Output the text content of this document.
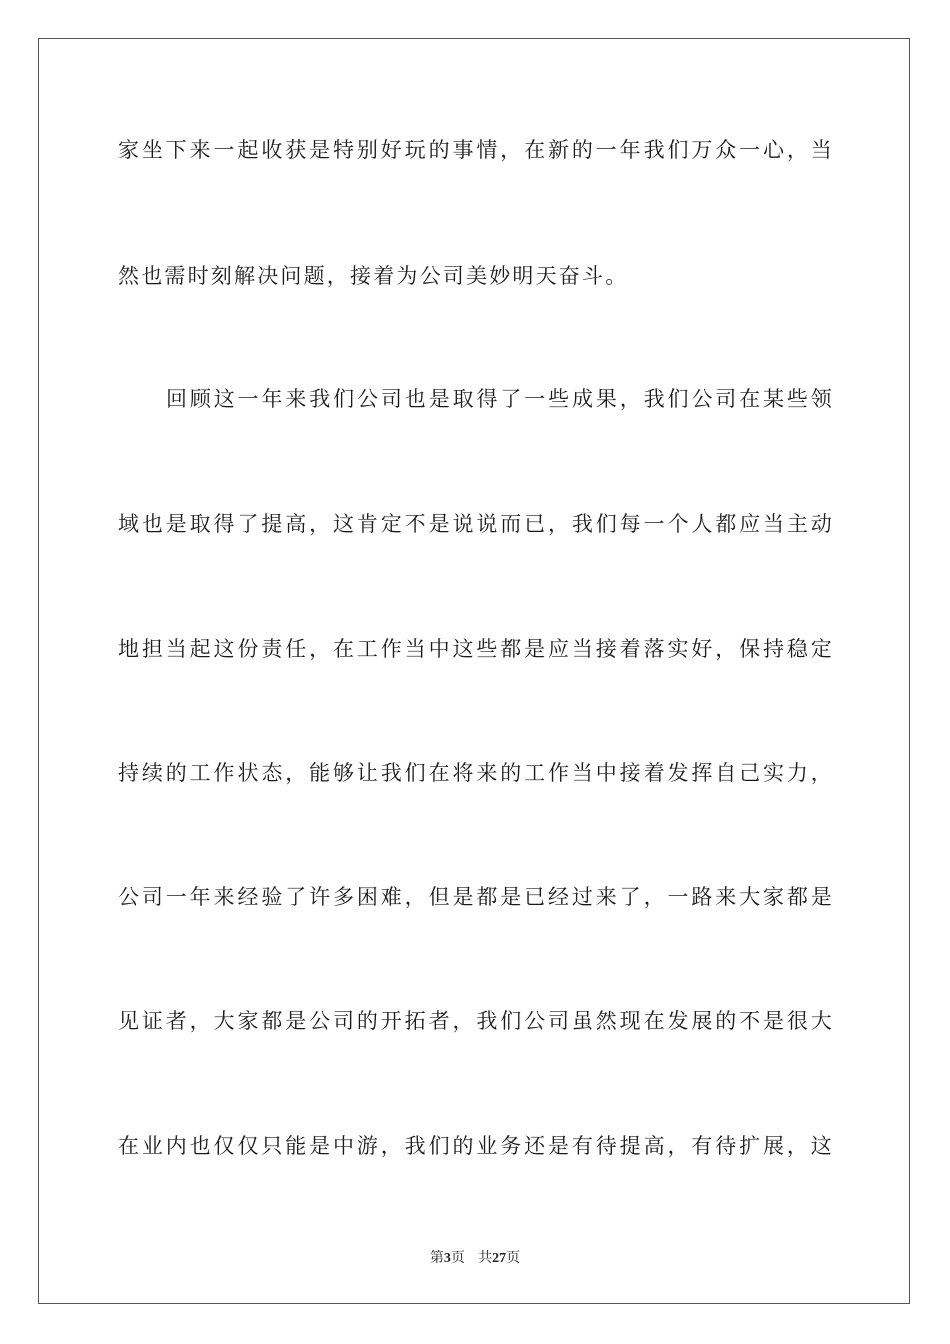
家坐下来一起收获是特别好玩的事情，在新的一年我们万众一心，当
然也需时刻解决问题，接着为公司美妙明天奋斗。
回顾这一年来我们公司也是取得了一些成果，我们公司在某些领
域也是取得了提高，这肯定不是说说而已，我们每一个人都应当主动
地担当起这份责任，在工作当中这些都是应当接着落实好，保持稳定
持续的工作状态，能够让我们在将来的工作当中接着发挥自己实力，
公司一年来经验了许多困难，但是都是已经过来了，一路来大家都是
见证者，大家都是公司的开拓者，我们公司虽然现在发展的不是很大
在业内也仅仅只能是中游，我们的业务还是有待提高，有待扩展，这
第3页 共27页
